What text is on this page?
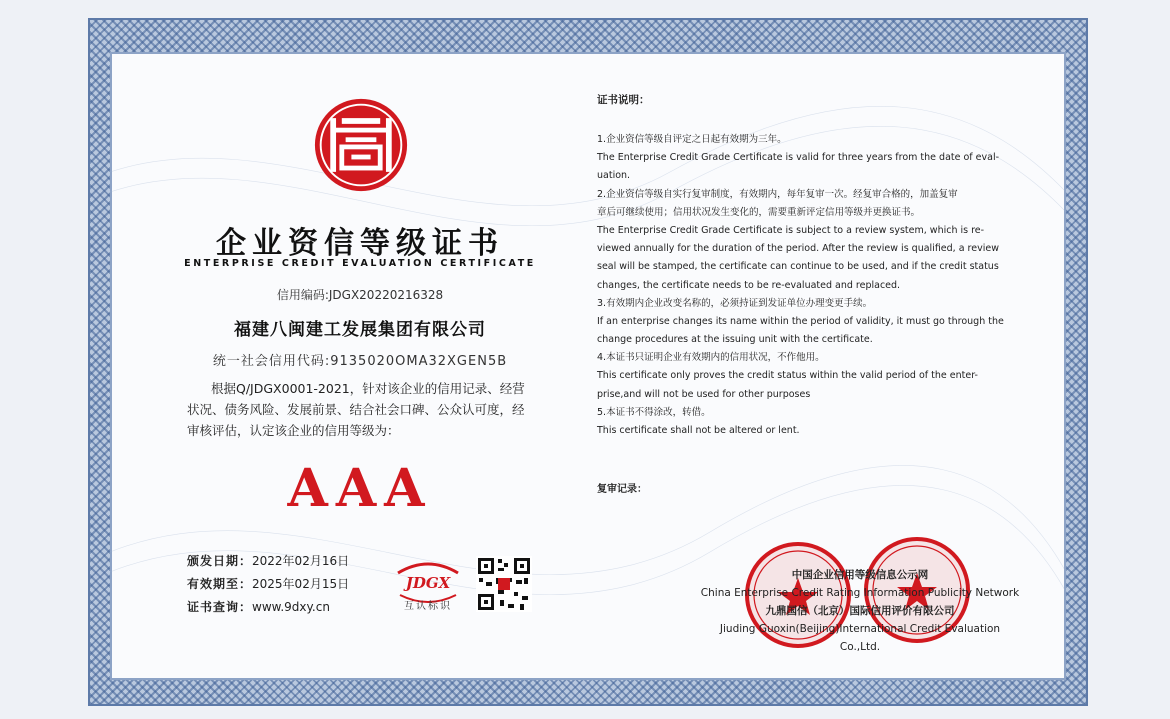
企业资信等级证书
ENTERPRISE CREDIT EVALUATION CERTIFICATE
信用编码:JDGX20220216328
福建八闽建工发展集团有限公司
统一社会信用代码:9135020OMA32XGEN5B
根据Q/JDGX0001-2021，针对该企业的信用记录、经营状况、债务风险、发展前景、结合社会口碑、公众认可度，经审核评估，认定该企业的信用等级为：
AAA
颁发日期：2022年02月16日
有效期至：2025年02月15日
证书查询：www.9dxy.cn
JDGX
互认标识
证书说明：
1.企业资信等级自评定之日起有效期为三年。
The Enterprise Credit Grade Certificate is valid for three years from the date of eval-
uation.
2.企业资信等级自实行复审制度，有效期内，每年复审一次。经复审合格的，加盖复审
章后可继续使用；信用状况发生变化的，需要重新评定信用等级并更换证书。
The Enterprise Credit Grade Certificate is subject to a review system, which is re-
viewed annually for the duration of the period. After the review is qualified, a review
seal will be stamped, the certificate can continue to be used, and if the credit status
changes, the certificate needs to be re-evaluated and replaced.
3.有效期内企业改变名称的，必须持证到发证单位办理变更手续。
If an enterprise changes its name within the period of validity, it must go through the
change procedures at the issuing unit with the certificate.
4.本证书只证明企业有效期内的信用状况，不作他用。
This certificate only proves the credit status within the valid period of the enter-
prise,and will not be used for other purposes
5.本证书不得涂改，转借。
This certificate shall not be altered or lent.
复审记录：
中国企业信用等级信息公示网
China Enterprise Credit Rating Information Publicity Network
九鼎国信（北京）国际信用评价有限公司
Jiuding Guoxin(Beijing)International Credit Evaluation Co.,Ltd.
